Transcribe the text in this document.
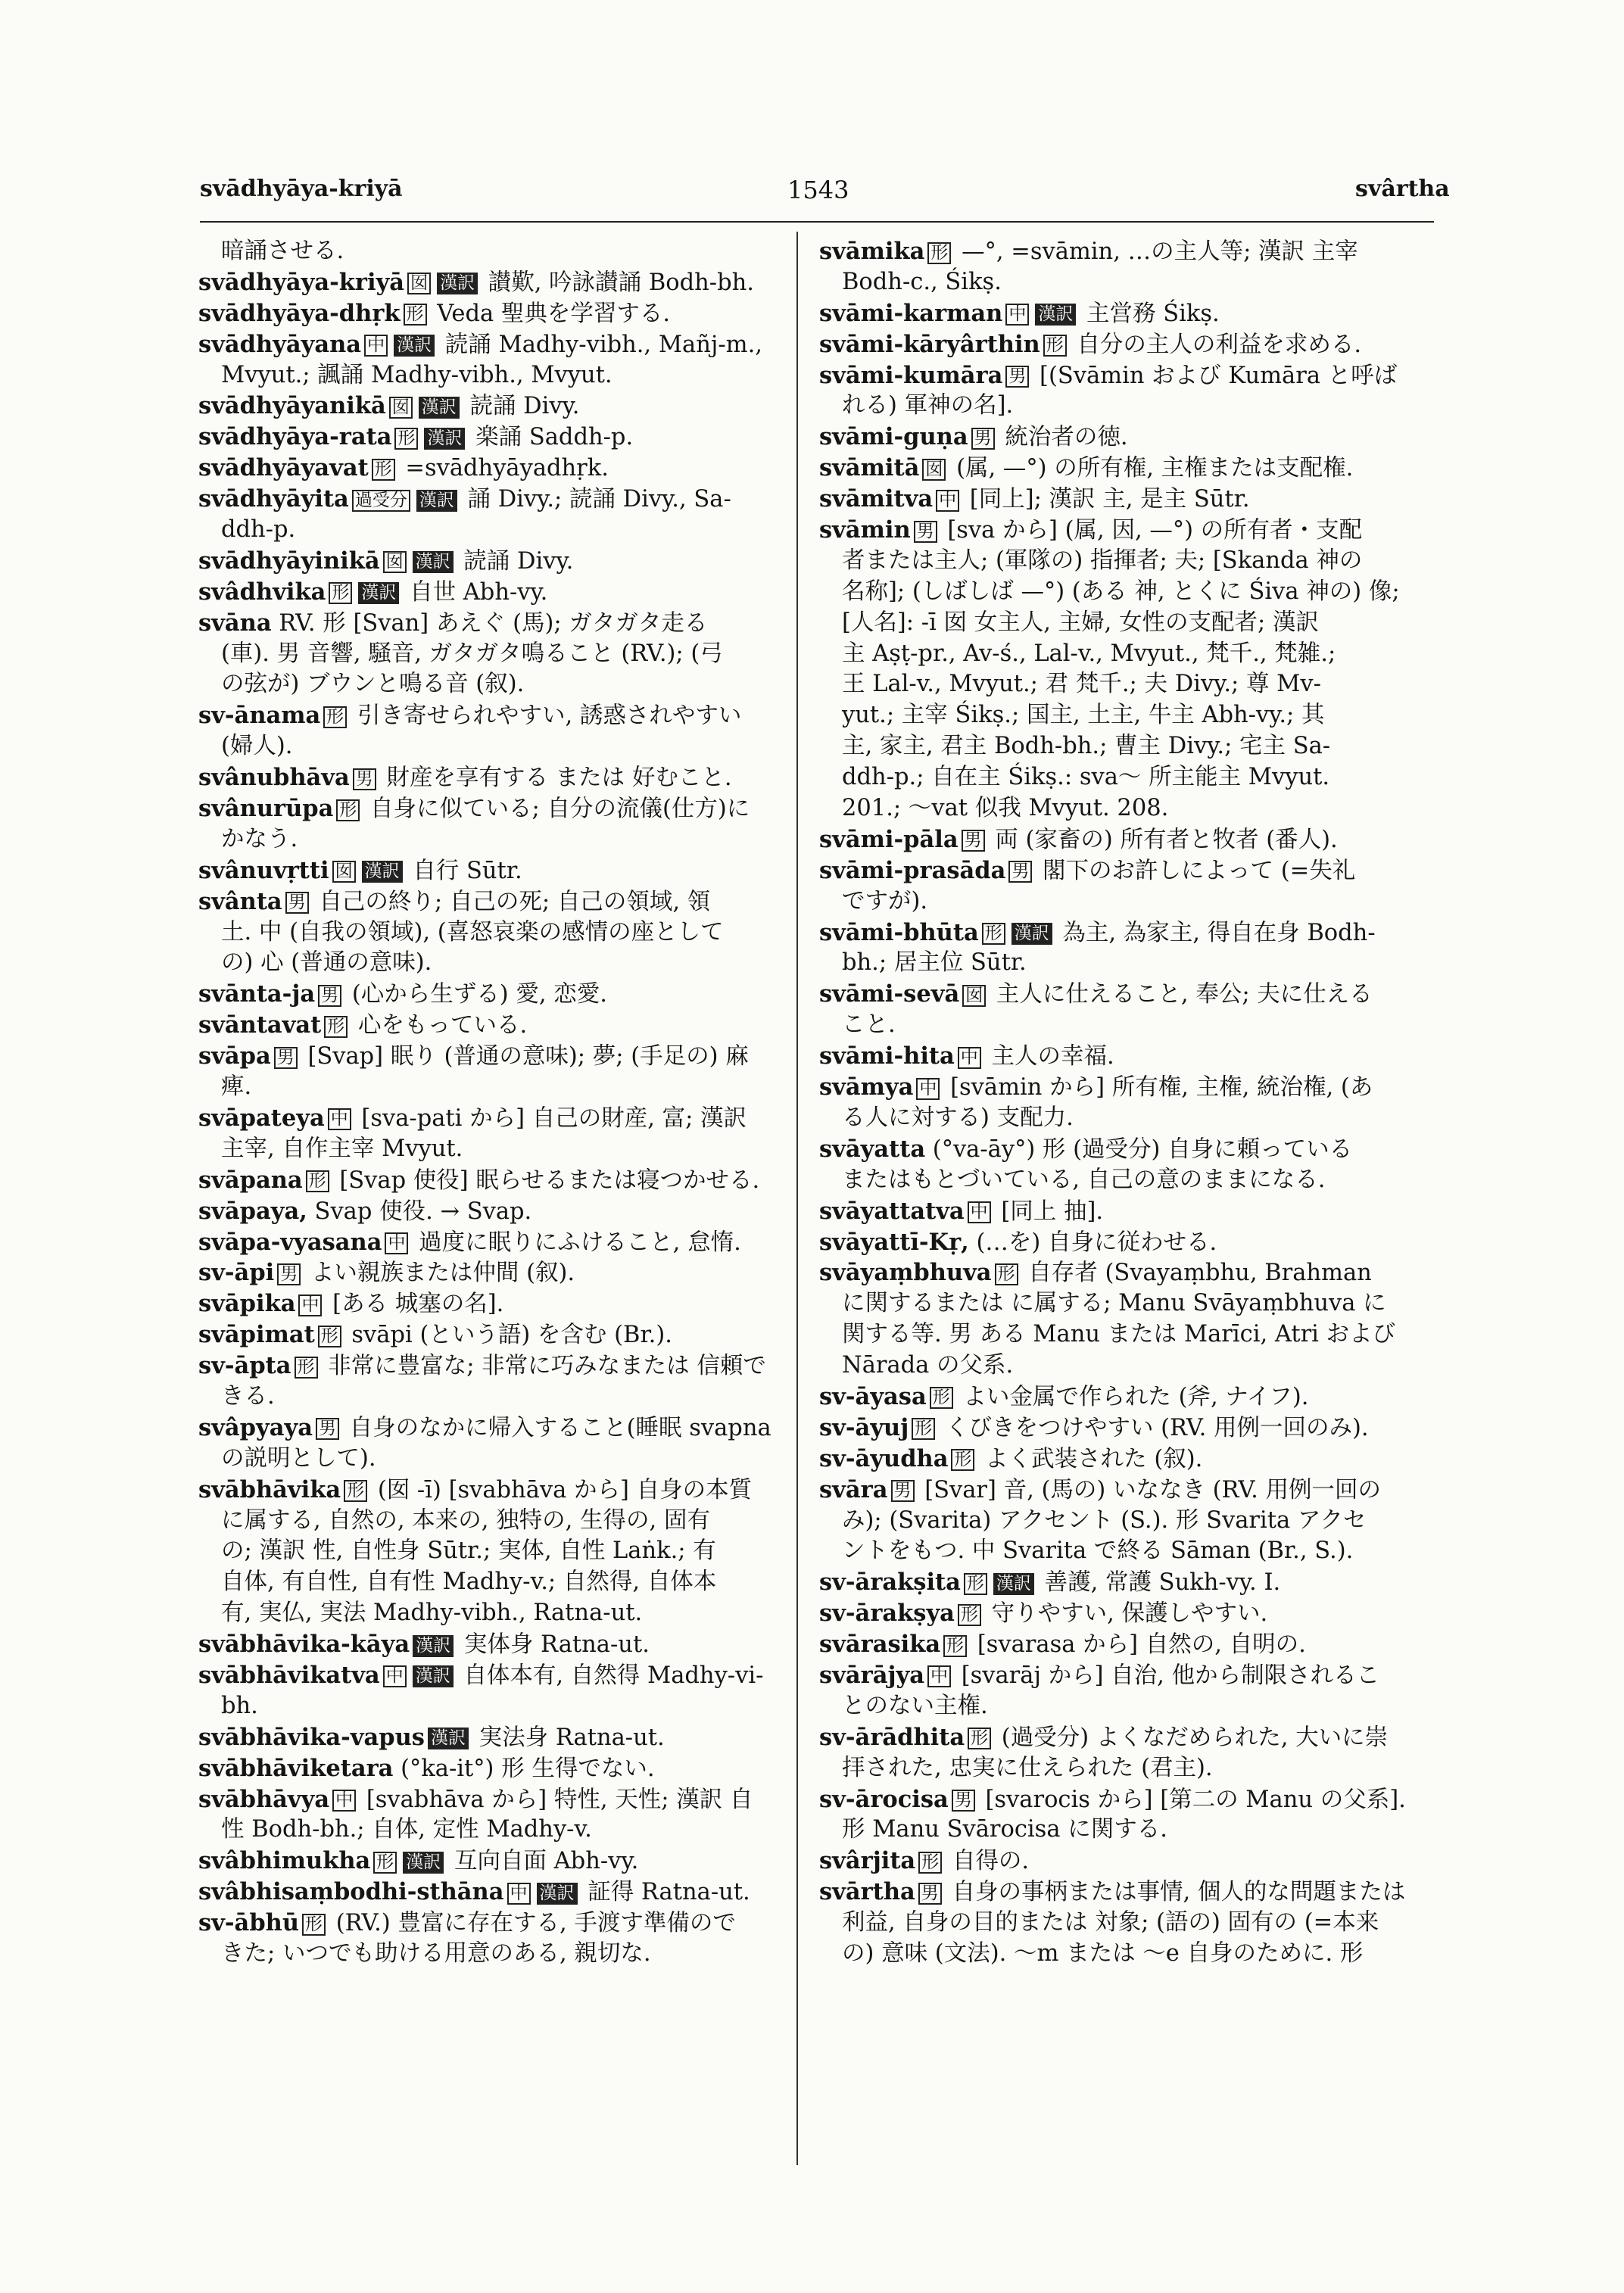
svādhyāya-kriyā	1543	svârtha
暗誦させる.
svādhyāya-kriyā 囡 漢訳 讃歎, 吟詠讃誦 Bodh-bh.
svādhyāya-dhṛk 形 Veda 聖典を学習する.
svādhyāyana 中 漢訳 読誦 Madhy-vibh., Mañj-m.,
Mvyut.; 諷誦 Madhy-vibh., Mvyut.
svādhyāyanikā 囡 漢訳 読誦 Divy.
svādhyāya-rata 形 漢訳 楽誦 Saddh-p.
svādhyāyavat 形 =svādhyāyadhṛk.
svādhyāyita 過受分 漢訳 誦 Divy.; 読誦 Divy., Sa-
ddh-p.
svādhyāyinikā 囡 漢訳 読誦 Divy.
svâdhvika 形 漢訳 自世 Abh-vy.
svāna RV. 形 [Svan] あえぐ (馬); ガタガタ走る
(車). 男 音響, 騒音, ガタガタ鳴ること (RV.); (弓
の弦が) ブウンと鳴る音 (叙).
sv-ānama 形 引き寄せられやすい, 誘惑されやすい
(婦人).
svânubhāva 男 財産を享有する または 好むこと.
svânurūpa 形 自身に似ている; 自分の流儀(仕方)に
かなう.
svânuvṛtti 囡 漢訳 自行 Sūtr.
svânta 男 自己の終り; 自己の死; 自己の領域, 領
土. 中 (自我の領域), (喜怒哀楽の感情の座として
の) 心 (普通の意味).
svānta-ja 男 (心から生ずる) 愛, 恋愛.
svāntavat 形 心をもっている.
svāpa 男 [Svap] 眠り (普通の意味); 夢; (手足の) 麻
痺.
svāpateya 中 [sva-pati から] 自己の財産, 富; 漢訳
主宰, 自作主宰 Mvyut.
svāpana 形 [Svap 使役] 眠らせるまたは寝つかせる.
svāpaya, Svap 使役. → Svap.
svāpa-vyasana 中 過度に眠りにふけること, 怠惰.
sv-āpi 男 よい親族または仲間 (叙).
svāpika 中 [ある 城塞の名].
svāpimat 形 svāpi (という語) を含む (Br.).
sv-āpta 形 非常に豊富な; 非常に巧みなまたは 信頼で
きる.
svâpyaya 男 自身のなかに帰入すること(睡眠 svapna
の説明として).
svābhāvika 形 (囡 -ī) [svabhāva から] 自身の本質
に属する, 自然の, 本来の, 独特の, 生得の, 固有
の; 漢訳 性, 自性身 Sūtr.; 実体, 自性 Laṅk.; 有
自体, 有自性, 自有性 Madhy-v.; 自然得, 自体本
有, 実仏, 実法 Madhy-vibh., Ratna-ut.
svābhāvika-kāya 漢訳 実体身 Ratna-ut.
svābhāvikatva 中 漢訳 自体本有, 自然得 Madhy-vi-
bh.
svābhāvika-vapus 漢訳 実法身 Ratna-ut.
svābhāviketara (°ka-it°) 形 生得でない.
svābhāvya 中 [svabhāva から] 特性, 天性; 漢訳 自
性 Bodh-bh.; 自体, 定性 Madhy-v.
svâbhimukha 形 漢訳 互向自面 Abh-vy.
svâbhisaṃbodhi-sthāna 中 漢訳 証得 Ratna-ut.
sv-ābhū 形 (RV.) 豊富に存在する, 手渡す準備ので
きた; いつでも助ける用意のある, 親切な.
svāmika 形 —°, =svāmin, …の主人等; 漢訳 主宰
Bodh-c., Śikṣ.
svāmi-karman 中 漢訳 主営務 Śikṣ.
svāmi-kāryârthin 形 自分の主人の利益を求める.
svāmi-kumāra 男 [(Svāmin および Kumāra と呼ば
れる) 軍神の名].
svāmi-guṇa 男 統治者の徳.
svāmitā 囡 (属, —°) の所有権, 主権または支配権.
svāmitva 中 [同上]; 漢訳 主, 是主 Sūtr.
svāmin 男 [sva から] (属, 因, —°) の所有者・支配
者または主人; (軍隊の) 指揮者; 夫; [Skanda 神の
名称]; (しばしば —°) (ある 神, とくに Śiva 神の) 像;
[人名]: -ī 囡 女主人, 主婦, 女性の支配者; 漢訳
主 Aṣṭ-pr., Av-ś., Lal-v., Mvyut., 梵千., 梵雑.;
王 Lal-v., Mvyut.; 君 梵千.; 夫 Divy.; 尊 Mv-
yut.; 主宰 Śikṣ.; 国主, 土主, 牛主 Abh-vy.; 其
主, 家主, 君主 Bodh-bh.; 曹主 Divy.; 宅主 Sa-
ddh-p.; 自在主 Śikṣ.: sva〜 所主能主 Mvyut.
201.; 〜vat 似我 Mvyut. 208.
svāmi-pāla 男 両 (家畜の) 所有者と牧者 (番人).
svāmi-prasāda 男 閣下のお許しによって (=失礼
ですが).
svāmi-bhūta 形 漢訳 為主, 為家主, 得自在身 Bodh-
bh.; 居主位 Sūtr.
svāmi-sevā 囡 主人に仕えること, 奉公; 夫に仕える
こと.
svāmi-hita 中 主人の幸福.
svāmya 中 [svāmin から] 所有権, 主権, 統治権, (あ
る人に対する) 支配力.
svāyatta (°va-āy°) 形 (過受分) 自身に頼っている
またはもとづいている, 自己の意のままになる.
svāyattatva 中 [同上 抽].
svāyattī-Kṛ, (…を) 自身に従わせる.
svāyaṃbhuva 形 自存者 (Svayaṃbhu, Brahman
に関するまたは に属する; Manu Svāyaṃbhuva に
関する等. 男 ある Manu または Marīci, Atri および
Nārada の父系.
sv-āyasa 形 よい金属で作られた (斧, ナイフ).
sv-āyuj 形 くびきをつけやすい (RV. 用例一回のみ).
sv-āyudha 形 よく武装された (叙).
svāra 男 [Svar] 音, (馬の) いななき (RV. 用例一回の
み); (Svarita) アクセント (S.). 形 Svarita アクセ
ントをもつ. 中 Svarita で終る Sāman (Br., S.).
sv-ārakṣita 形 漢訳 善護, 常護 Sukh-vy. I.
sv-ārakṣya 形 守りやすい, 保護しやすい.
svārasika 形 [svarasa から] 自然の, 自明の.
svārājya 中 [svarāj から] 自治, 他から制限されるこ
とのない主権.
sv-ārādhita 形 (過受分) よくなだめられた, 大いに崇
拝された, 忠実に仕えられた (君主).
sv-ārocisa 男 [svarocis から] [第二の Manu の父系].
形 Manu Svārocisa に関する.
svârjita 形 自得の.
svārtha 男 自身の事柄または事情, 個人的な問題または
利益, 自身の目的または 対象; (語の) 固有の (=本来
の) 意味 (文法). 〜m または 〜e 自身のために. 形
